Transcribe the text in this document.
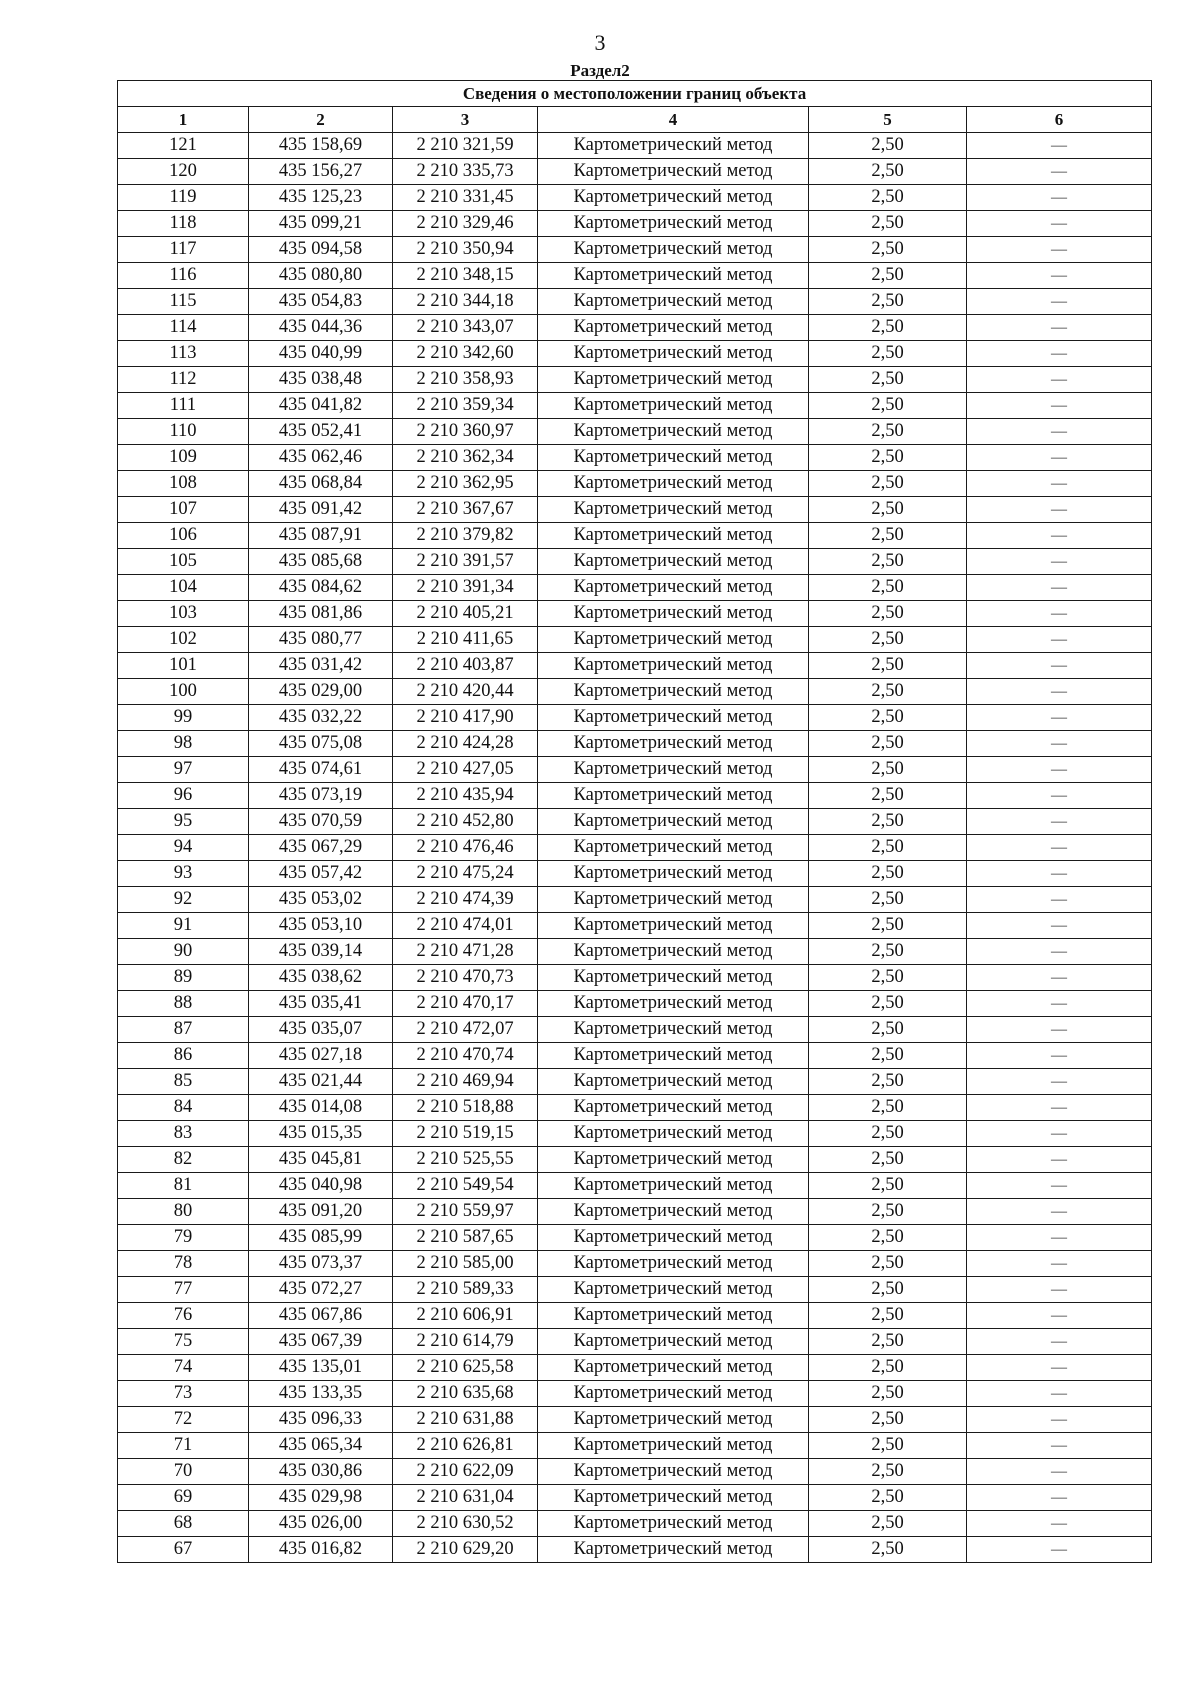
3
Раздел2
Сведения о местоположении границ объекта					
1	2	3	4	5	6
121	435 158,69	2 210 321,59	Картометрический метод	2,50	—
120	435 156,27	2 210 335,73	Картометрический метод	2,50	—
119	435 125,23	2 210 331,45	Картометрический метод	2,50	—
118	435 099,21	2 210 329,46	Картометрический метод	2,50	—
117	435 094,58	2 210 350,94	Картометрический метод	2,50	—
116	435 080,80	2 210 348,15	Картометрический метод	2,50	—
115	435 054,83	2 210 344,18	Картометрический метод	2,50	—
114	435 044,36	2 210 343,07	Картометрический метод	2,50	—
113	435 040,99	2 210 342,60	Картометрический метод	2,50	—
112	435 038,48	2 210 358,93	Картометрический метод	2,50	—
111	435 041,82	2 210 359,34	Картометрический метод	2,50	—
110	435 052,41	2 210 360,97	Картометрический метод	2,50	—
109	435 062,46	2 210 362,34	Картометрический метод	2,50	—
108	435 068,84	2 210 362,95	Картометрический метод	2,50	—
107	435 091,42	2 210 367,67	Картометрический метод	2,50	—
106	435 087,91	2 210 379,82	Картометрический метод	2,50	—
105	435 085,68	2 210 391,57	Картометрический метод	2,50	—
104	435 084,62	2 210 391,34	Картометрический метод	2,50	—
103	435 081,86	2 210 405,21	Картометрический метод	2,50	—
102	435 080,77	2 210 411,65	Картометрический метод	2,50	—
101	435 031,42	2 210 403,87	Картометрический метод	2,50	—
100	435 029,00	2 210 420,44	Картометрический метод	2,50	—
99	435 032,22	2 210 417,90	Картометрический метод	2,50	—
98	435 075,08	2 210 424,28	Картометрический метод	2,50	—
97	435 074,61	2 210 427,05	Картометрический метод	2,50	—
96	435 073,19	2 210 435,94	Картометрический метод	2,50	—
95	435 070,59	2 210 452,80	Картометрический метод	2,50	—
94	435 067,29	2 210 476,46	Картометрический метод	2,50	—
93	435 057,42	2 210 475,24	Картометрический метод	2,50	—
92	435 053,02	2 210 474,39	Картометрический метод	2,50	—
91	435 053,10	2 210 474,01	Картометрический метод	2,50	—
90	435 039,14	2 210 471,28	Картометрический метод	2,50	—
89	435 038,62	2 210 470,73	Картометрический метод	2,50	—
88	435 035,41	2 210 470,17	Картометрический метод	2,50	—
87	435 035,07	2 210 472,07	Картометрический метод	2,50	—
86	435 027,18	2 210 470,74	Картометрический метод	2,50	—
85	435 021,44	2 210 469,94	Картометрический метод	2,50	—
84	435 014,08	2 210 518,88	Картометрический метод	2,50	—
83	435 015,35	2 210 519,15	Картометрический метод	2,50	—
82	435 045,81	2 210 525,55	Картометрический метод	2,50	—
81	435 040,98	2 210 549,54	Картометрический метод	2,50	—
80	435 091,20	2 210 559,97	Картометрический метод	2,50	—
79	435 085,99	2 210 587,65	Картометрический метод	2,50	—
78	435 073,37	2 210 585,00	Картометрический метод	2,50	—
77	435 072,27	2 210 589,33	Картометрический метод	2,50	—
76	435 067,86	2 210 606,91	Картометрический метод	2,50	—
75	435 067,39	2 210 614,79	Картометрический метод	2,50	—
74	435 135,01	2 210 625,58	Картометрический метод	2,50	—
73	435 133,35	2 210 635,68	Картометрический метод	2,50	—
72	435 096,33	2 210 631,88	Картометрический метод	2,50	—
71	435 065,34	2 210 626,81	Картометрический метод	2,50	—
70	435 030,86	2 210 622,09	Картометрический метод	2,50	—
69	435 029,98	2 210 631,04	Картометрический метод	2,50	—
68	435 026,00	2 210 630,52	Картометрический метод	2,50	—
67	435 016,82	2 210 629,20	Картометрический метод	2,50	—
